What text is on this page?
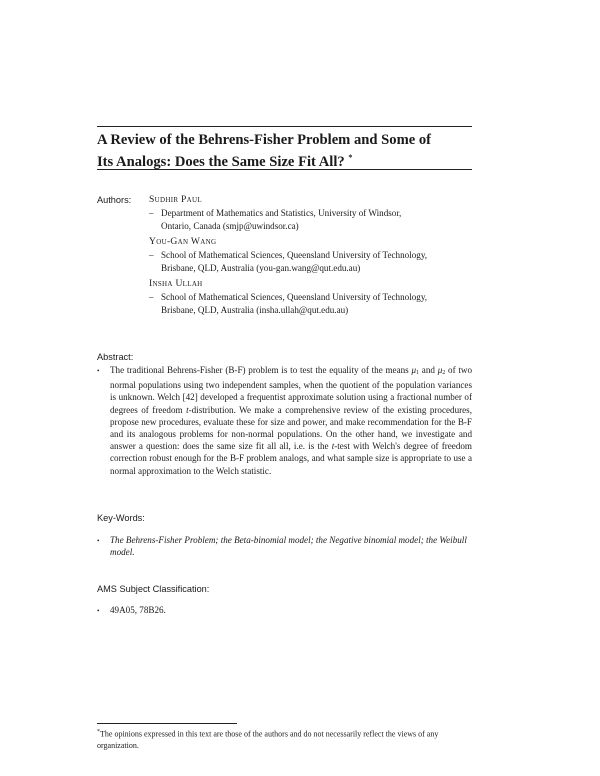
A Review of the Behrens-Fisher Problem and Some of
Its Analogs: Does the Same Size Fit All? *
Authors: Sudhir Paul
– Department of Mathematics and Statistics, University of Windsor,
Ontario, Canada (smjp@uwindsor.ca)
You-Gan Wang
– School of Mathematical Sciences, Queensland University of Technology,
Brisbane, QLD, Australia (you-gan.wang@qut.edu.au)
Insha Ullah
– School of Mathematical Sciences, Queensland University of Technology,
Brisbane, QLD, Australia (insha.ullah@qut.edu.au)
Abstract:
• The traditional Behrens-Fisher (B-F) problem is to test the equality of the means $\mu_1$ and $\mu_2$ of two normal populations using two independent samples, when the quotient of the population variances is unknown. Welch [42] developed a frequentist approximate solution using a fractional number of degrees of freedom t-distribution. We make a comprehensive review of the existing procedures, propose new procedures, evaluate these for size and power, and make recommendation for the B-F and its analogous problems for non-normal populations. On the other hand, we investigate and answer a question: does the same size fit all all, i.e. is the t-test with Welch's degree of freedom correction robust enough for the B-F problem analogs, and what sample size is appropriate to use a normal approximation to the Welch statistic.
Key-Words:
• The Behrens-Fisher Problem; the Beta-binomial model; the Negative binomial model; the Weibull model.
AMS Subject Classification:
• 49A05, 78B26.
*The opinions expressed in this text are those of the authors and do not necessarily reflect the views of any organization.
